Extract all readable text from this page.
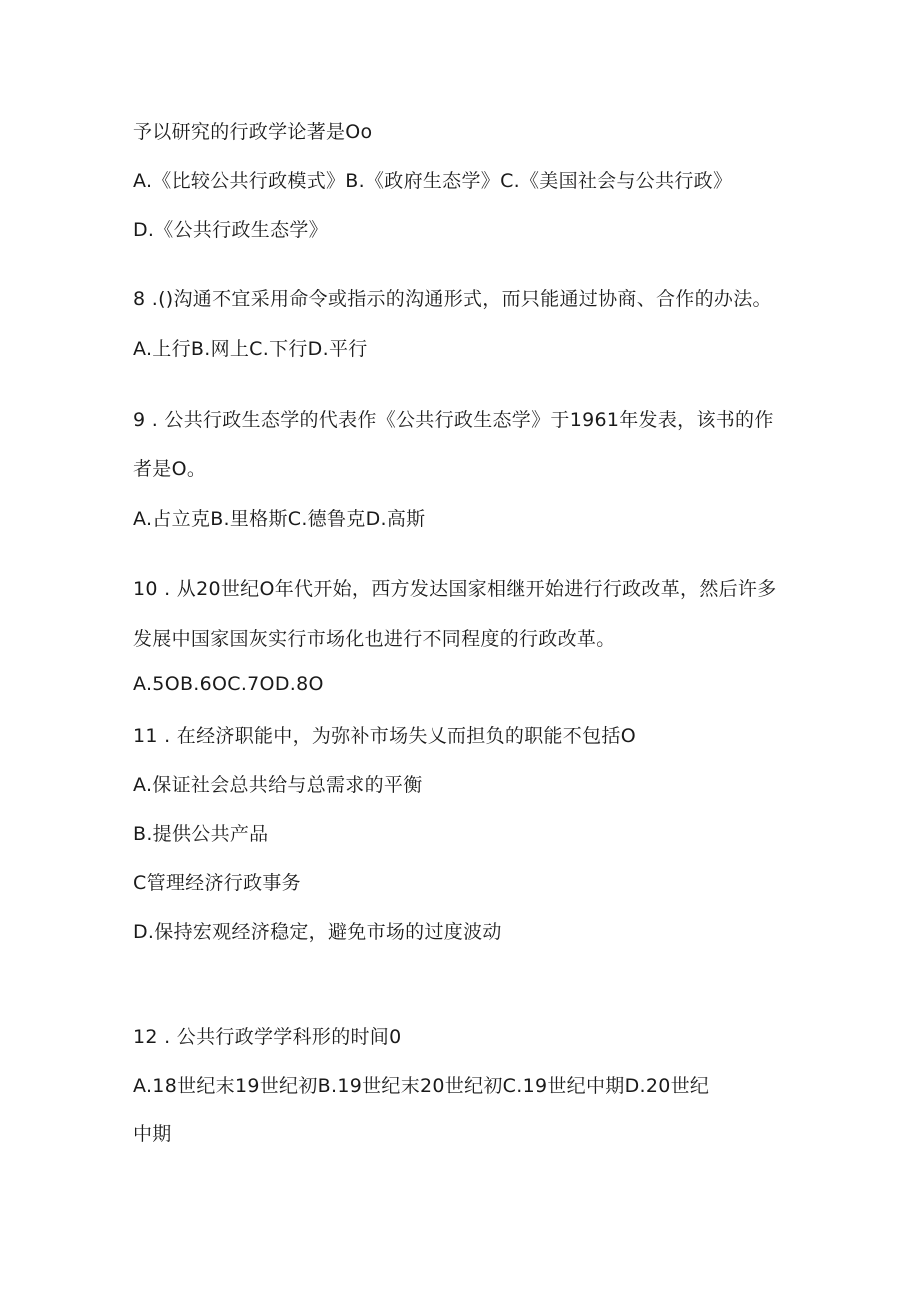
予以研究的行政学论著是Oo
A.《比较公共行政模式》B.《政府生态学》C.《美国社会与公共行政》
D.《公共行政生态学》
8 .()沟通不宜采用命令或指示的沟通形式，而只能通过协商、合作的办法。
A.上行B.网上C.下行D.平行
9 . 公共行政生态学的代表作《公共行政生态学》于1961年发表，该书的作
者是O。
A.占立克B.里格斯C.德鲁克D.高斯
10 . 从20世纪O年代开始，西方发达国家相继开始进行行政改革，然后许多
发展中国家国灰实行市场化也进行不同程度的行政改革。
A.5OB.6OC.7OD.8O
11 . 在经济职能中，为弥补市场失乂而担负的职能不包括O
A.保证社会总共给与总需求的平衡
B.提供公共产品
C管理经济行政事务
D.保持宏观经济稳定，避免市场的过度波动
12 . 公共行政学学科形的时间0
A.18世纪末19世纪初B.19世纪末20世纪初C.19世纪中期D.20世纪
中期
